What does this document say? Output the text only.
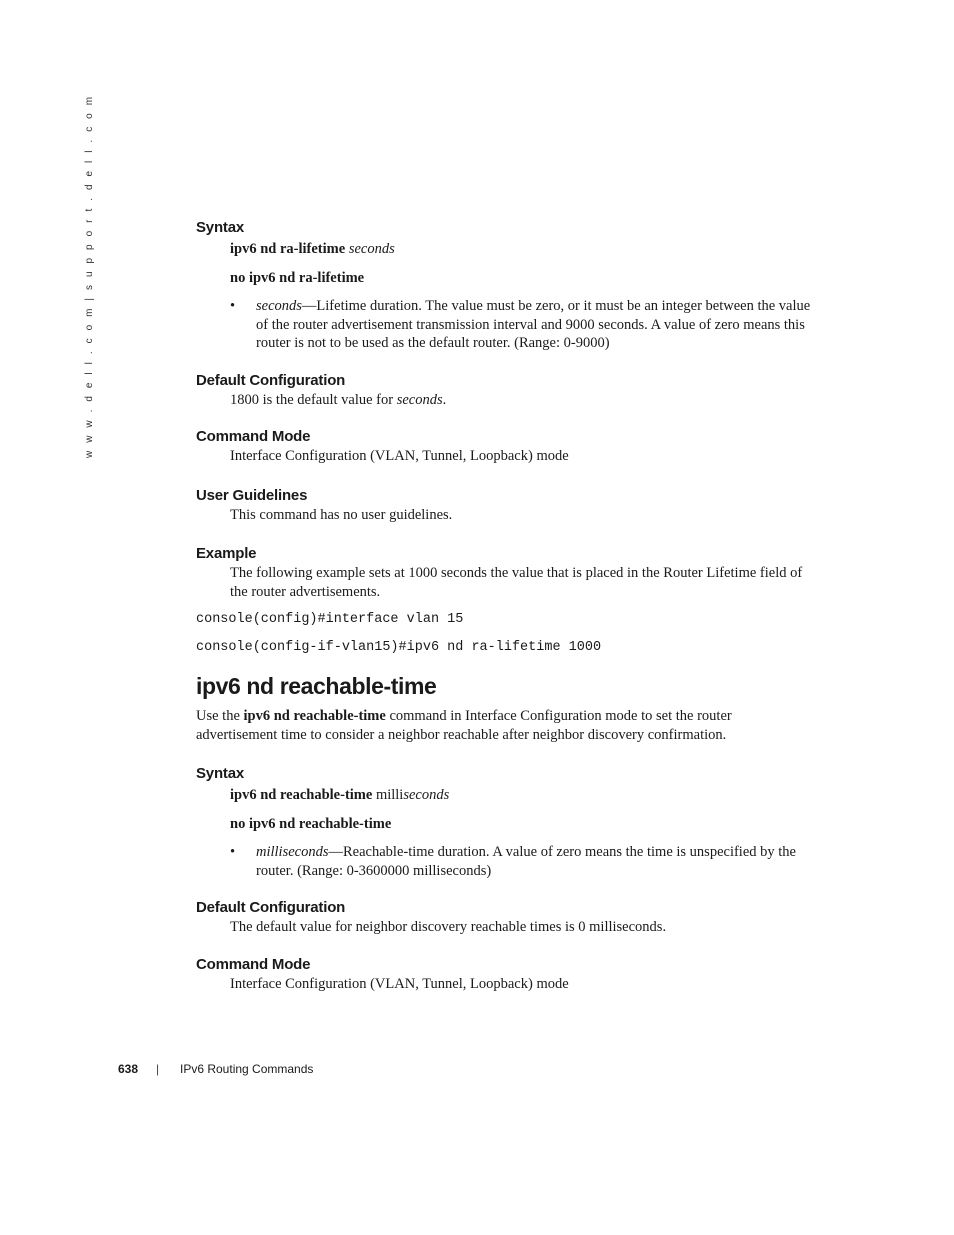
w w w . d e l l . c o m | s u p p o r t . d e l l . c o m	Syntax

ipv6 nd ra-lifetime seconds

no ipv6 nd ra-lifetime

• seconds—Lifetime duration. The value must be zero, or it must be an integer between the value of the router advertisement transmission interval and 9000 seconds. A value of zero means this router is not to be used as the default router. (Range: 0-9000)

Default Configuration

1800 is the default value for seconds.

Command Mode

Interface Configuration (VLAN, Tunnel, Loopback) mode

User Guidelines

This command has no user guidelines.

Example

The following example sets at 1000 seconds the value that is placed in the Router Lifetime field of the router advertisements.

console(config)#interface vlan 15

console(config-if-vlan15)#ipv6 nd ra-lifetime 1000

ipv6 nd reachable-time

Use the ipv6 nd reachable-time command in Interface Configuration mode to set the router advertisement time to consider a neighbor reachable after neighbor discovery confirmation.

Syntax

ipv6 nd reachable-time milliseconds

no ipv6 nd reachable-time

• milliseconds—Reachable-time duration. A value of zero means the time is unspecified by the router. (Range: 0-3600000 milliseconds)

Default Configuration

The default value for neighbor discovery reachable times is 0 milliseconds.

Command Mode

Interface Configuration (VLAN, Tunnel, Loopback) mode

638	|	IPv6 Routing Commands
